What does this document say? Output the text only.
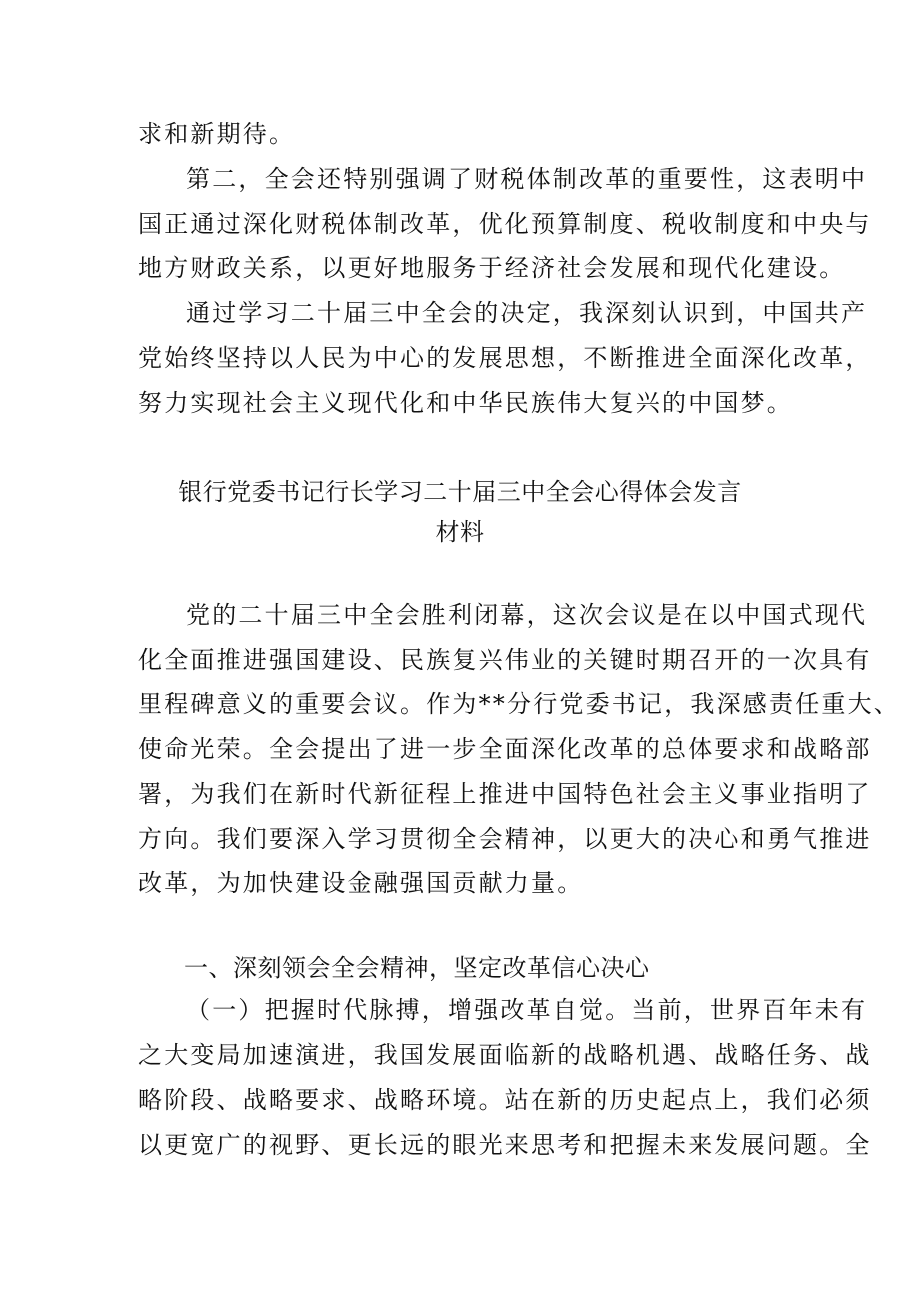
求和新期待。
第二，全会还特别强调了财税体制改革的重要性，这表明中
国正通过深化财税体制改革，优化预算制度、税收制度和中央与
地方财政关系，以更好地服务于经济社会发展和现代化建设。
通过学习二十届三中全会的决定，我深刻认识到，中国共产
党始终坚持以人民为中心的发展思想，不断推进全面深化改革，
努力实现社会主义现代化和中华民族伟大复兴的中国梦。
银行党委书记行长学习二十届三中全会心得体会发言
材料
党的二十届三中全会胜利闭幕，这次会议是在以中国式现代
化全面推进强国建设、民族复兴伟业的关键时期召开的一次具有
里程碑意义的重要会议。作为**分行党委书记，我深感责任重大、
使命光荣。全会提出了进一步全面深化改革的总体要求和战略部
署，为我们在新时代新征程上推进中国特色社会主义事业指明了
方向。我们要深入学习贯彻全会精神，以更大的决心和勇气推进
改革，为加快建设金融强国贡献力量。
一、深刻领会全会精神，坚定改革信心决心
（一）把握时代脉搏，增强改革自觉。当前，世界百年未有
之大变局加速演进，我国发展面临新的战略机遇、战略任务、战
略阶段、战略要求、战略环境。站在新的历史起点上，我们必须
以更宽广的视野、更长远的眼光来思考和把握未来发展问题。全
